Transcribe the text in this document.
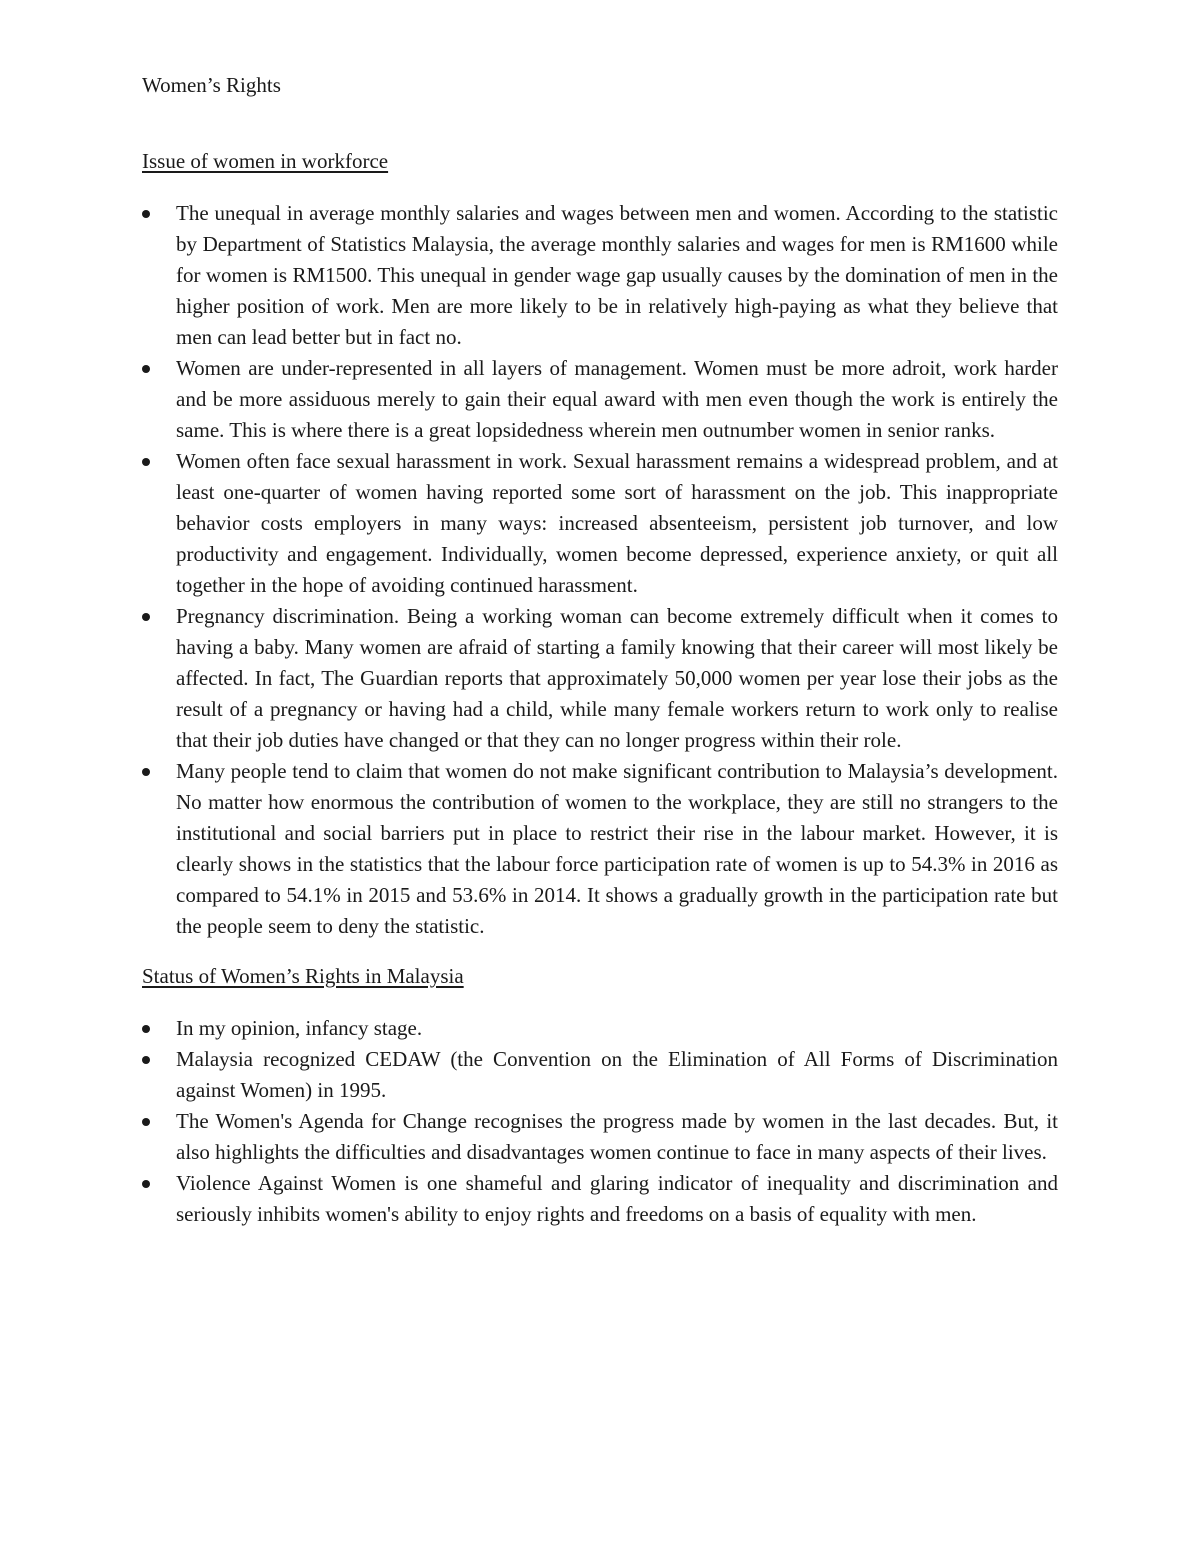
Women’s Rights
Issue of women in workforce
The unequal in average monthly salaries and wages between men and women. According to the statistic by Department of Statistics Malaysia, the average monthly salaries and wages for men is RM1600 while for women is RM1500. This unequal in gender wage gap usually causes by the domination of men in the higher position of work. Men are more likely to be in relatively high-paying as what they believe that men can lead better but in fact no.
Women are under-represented in all layers of management. Women must be more adroit, work harder and be more assiduous merely to gain their equal award with men even though the work is entirely the same. This is where there is a great lopsidedness wherein men outnumber women in senior ranks.
Women often face sexual harassment in work. Sexual harassment remains a widespread problem, and at least one-quarter of women having reported some sort of harassment on the job. This inappropriate behavior costs employers in many ways: increased absenteeism, persistent job turnover, and low productivity and engagement. Individually, women become depressed, experience anxiety, or quit all together in the hope of avoiding continued harassment.
Pregnancy discrimination. Being a working woman can become extremely difficult when it comes to having a baby. Many women are afraid of starting a family knowing that their career will most likely be affected. In fact, The Guardian reports that approximately 50,000 women per year lose their jobs as the result of a pregnancy or having had a child, while many female workers return to work only to realise that their job duties have changed or that they can no longer progress within their role.
Many people tend to claim that women do not make significant contribution to Malaysia’s development. No matter how enormous the contribution of women to the workplace, they are still no strangers to the institutional and social barriers put in place to restrict their rise in the labour market. However, it is clearly shows in the statistics that the labour force participation rate of women is up to 54.3% in 2016 as compared to 54.1% in 2015 and 53.6% in 2014. It shows a gradually growth in the participation rate but the people seem to deny the statistic.
Status of Women’s Rights in Malaysia
In my opinion, infancy stage.
Malaysia recognized CEDAW (the Convention on the Elimination of All Forms of Discrimination against Women) in 1995.
The Women's Agenda for Change recognises the progress made by women in the last decades. But, it also highlights the difficulties and disadvantages women continue to face in many aspects of their lives.
Violence Against Women is one shameful and glaring indicator of inequality and discrimination and seriously inhibits women's ability to enjoy rights and freedoms on a basis of equality with men.
